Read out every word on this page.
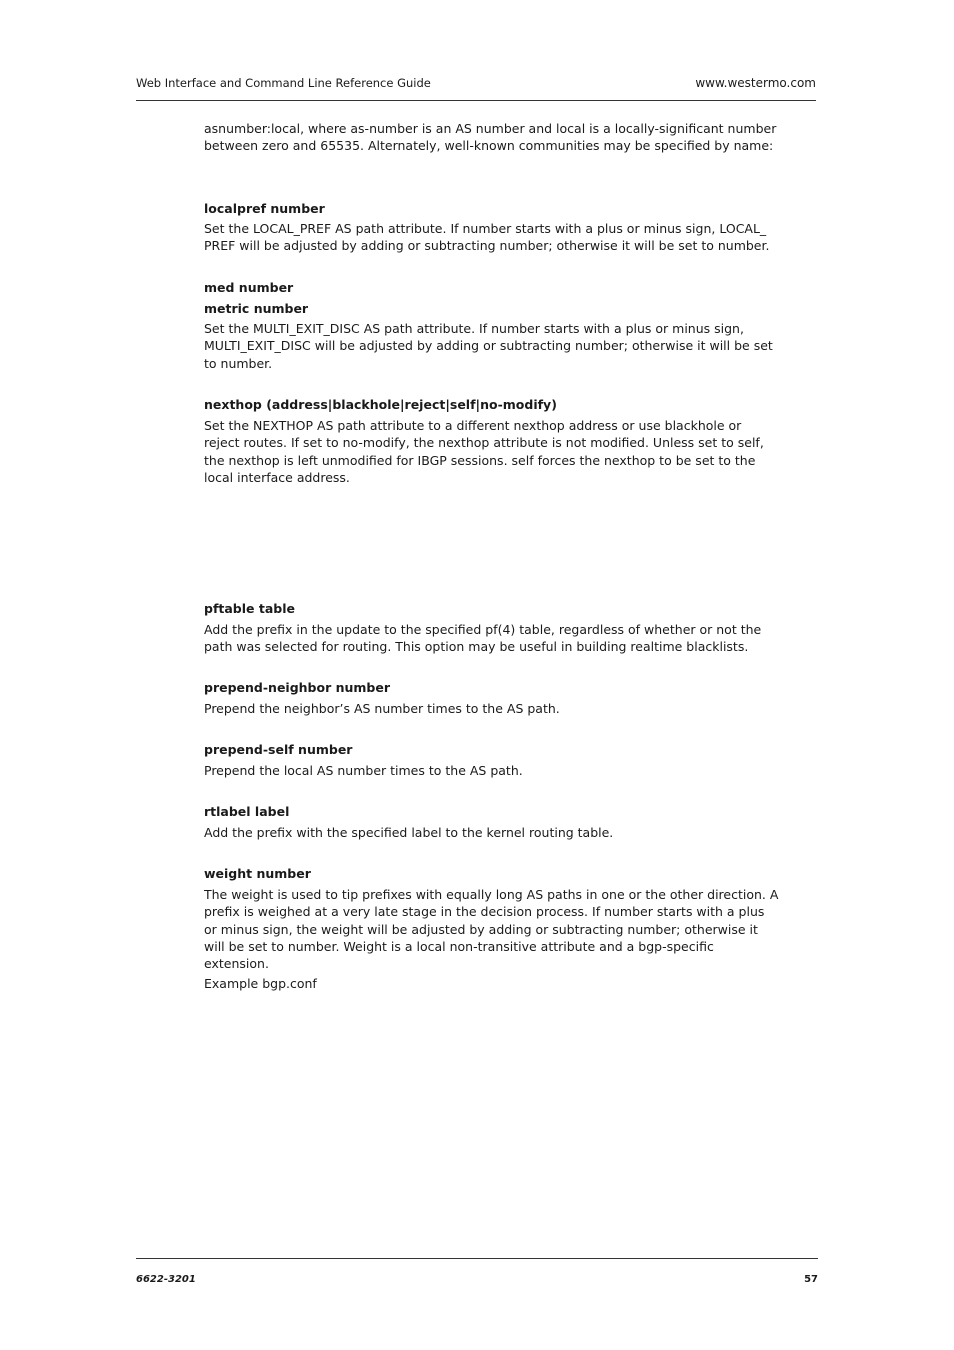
Web Interface and Command Line Reference Guide	www.westermo.com

asnumber:local, where as-number is an AS number and local is a locally-significant number between zero and 65535. Alternately, well-known communities may be specified by name:

localpref number

Set the LOCAL_PREF AS path attribute. If number starts with a plus or minus sign, LOCAL_ PREF will be adjusted by adding or subtracting number; otherwise it will be set to number.

med number
metric number

Set the MULTI_EXIT_DISC AS path attribute. If number starts with a plus or minus sign, MULTI_EXIT_DISC will be adjusted by adding or subtracting number; otherwise it will be set to number.

nexthop (address|blackhole|reject|self|no-modify)

Set the NEXTHOP AS path attribute to a different nexthop address or use blackhole or reject routes. If set to no-modify, the nexthop attribute is not modified. Unless set to self, the nexthop is left unmodified for IBGP sessions. self forces the nexthop to be set to the local interface address.

pftable table

Add the prefix in the update to the specified pf(4) table, regardless of whether or not the path was selected for routing. This option may be useful in building realtime blacklists.

prepend-neighbor number

Prepend the neighbor’s AS number times to the AS path.

prepend-self number

Prepend the local AS number times to the AS path.

rtlabel label

Add the prefix with the specified label to the kernel routing table.

weight number

The weight is used to tip prefixes with equally long AS paths in one or the other direction. A prefix is weighed at a very late stage in the decision process. If number starts with a plus or minus sign, the weight will be adjusted by adding or subtracting number; otherwise it will be set to number. Weight is a local non-transitive attribute and a bgp-specific extension.

Example bgp.conf

6622-3201	57
